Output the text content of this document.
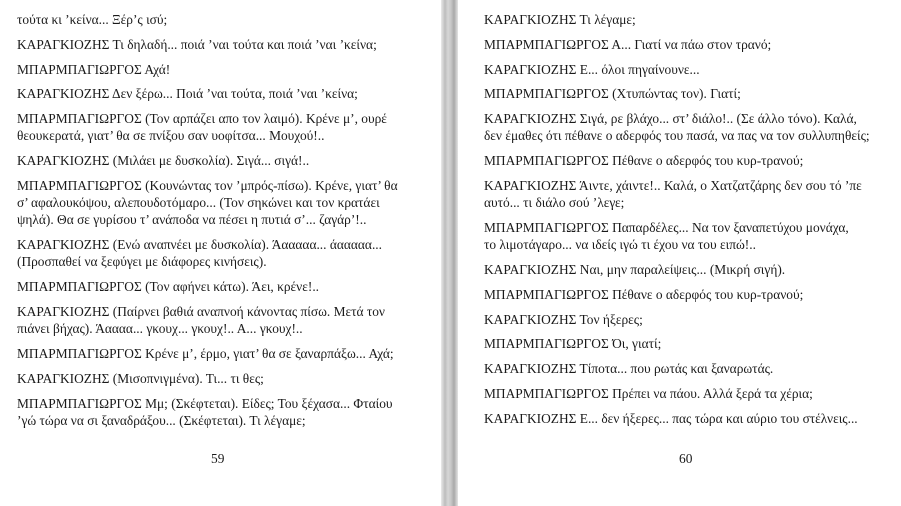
τούτα κι ’κείνα... Ξέρ’ς ισύ;
ΚΑΡΑΓΚΙΟΖΗΣ Τι δηλαδή... ποιά ’ναι τούτα και ποιά ’ναι ’κείνα;
ΜΠΑΡΜΠΑΓΙΩΡΓΟΣ Αχά!
ΚΑΡΑΓΚΙΟΖΗΣ Δεν ξέρω... Ποιά ’ναι τούτα, ποιά ’ναι ’κείνα;
ΜΠΑΡΜΠΑΓΙΩΡΓΟΣ (Τον αρπάζει απο τον λαιμό). Κρένε μ’, ουρέ
θεουκερατά, γιατ’ θα σε πνίξου σαν υοφίτσα... Μουχού!..
ΚΑΡΑΓΚΙΟΖΗΣ (Μιλάει με δυσκολία). Σιγά... σιγά!..
ΜΠΑΡΜΠΑΓΙΩΡΓΟΣ (Κουνώντας τον ’μπρός-πίσω). Κρένε, γιατ’ θα
σ’ αφαλουκόψου, αλεπουδοτόμαρο... (Τον σηκώνει και τον κρατάει
ψηλά). Θα σε γυρίσου τ’ ανάποδα να πέσει η πυτιά σ’... ζαγάρ’!..
ΚΑΡΑΓΚΙΟΖΗΣ (Ενώ αναπνέει με δυσκολία). Άααααα... άααααα...
(Προσπαθεί να ξεφύγει με διάφορες κινήσεις).
ΜΠΑΡΜΠΑΓΙΩΡΓΟΣ (Τον αφήνει κάτω). Άει, κρένε!..
ΚΑΡΑΓΚΙΟΖΗΣ (Παίρνει βαθιά αναπνοή κάνοντας πίσω. Μετά τον
πιάνει βήχας). Άαααα... γκουχ... γκουχ!.. Α... γκουχ!..
ΜΠΑΡΜΠΑΓΙΩΡΓΟΣ Κρένε μ’, έρμο, γιατ’ θα σε ξαναρπάξω... Αχά;
ΚΑΡΑΓΚΙΟΖΗΣ (Μισοπνιγμένα). Τι... τι θες;
ΜΠΑΡΜΠΑΓΙΩΡΓΟΣ Μμ; (Σκέφτεται). Είδες; Του ξέχασα... Φταίου
’γώ τώρα να σι ξαναδράξου... (Σκέφτεται). Τι λέγαμε;
59
ΚΑΡΑΓΚΙΟΖΗΣ Τι λέγαμε;
ΜΠΑΡΜΠΑΓΙΩΡΓΟΣ Α... Γιατί να πάω στον τρανό;
ΚΑΡΑΓΚΙΟΖΗΣ Ε... όλοι πηγαίνουνε...
ΜΠΑΡΜΠΑΓΙΩΡΓΟΣ (Χτυπώντας τον). Γιατί;
ΚΑΡΑΓΚΙΟΖΗΣ Σιγά, ρε βλάχο... στ’ διάλο!.. (Σε άλλο τόνο). Καλά,
δεν έμαθες ότι πέθανε ο αδερφός του πασά, να πας να τον συλλυπηθείς;
ΜΠΑΡΜΠΑΓΙΩΡΓΟΣ Πέθανε ο αδερφός του κυρ-τρανού;
ΚΑΡΑΓΚΙΟΖΗΣ Άιντε, χάιντε!.. Καλά, ο Χατζατζάρης δεν σου τό ’πε
αυτό... τι διάλο σού ’λεγε;
ΜΠΑΡΜΠΑΓΙΩΡΓΟΣ Παπαρδέλες... Να τον ξαναπετύχου μονάχα,
το λιμοτάγαρο... να ιδείς ιγώ τι έχου να του ειπώ!..
ΚΑΡΑΓΚΙΟΖΗΣ Ναι, μην παραλείψεις... (Μικρή σιγή).
ΜΠΑΡΜΠΑΓΙΩΡΓΟΣ Πέθανε ο αδερφός του κυρ-τρανού;
ΚΑΡΑΓΚΙΟΖΗΣ Τον ήξερες;
ΜΠΑΡΜΠΑΓΙΩΡΓΟΣ Όι, γιατί;
ΚΑΡΑΓΚΙΟΖΗΣ Τίποτα... που ρωτάς και ξαναρωτάς.
ΜΠΑΡΜΠΑΓΙΩΡΓΟΣ Πρέπει να πάου. Αλλά ξερά τα χέρια;
ΚΑΡΑΓΚΙΟΖΗΣ Ε... δεν ήξερες... πας τώρα και αύριο του στέλνεις...
60
